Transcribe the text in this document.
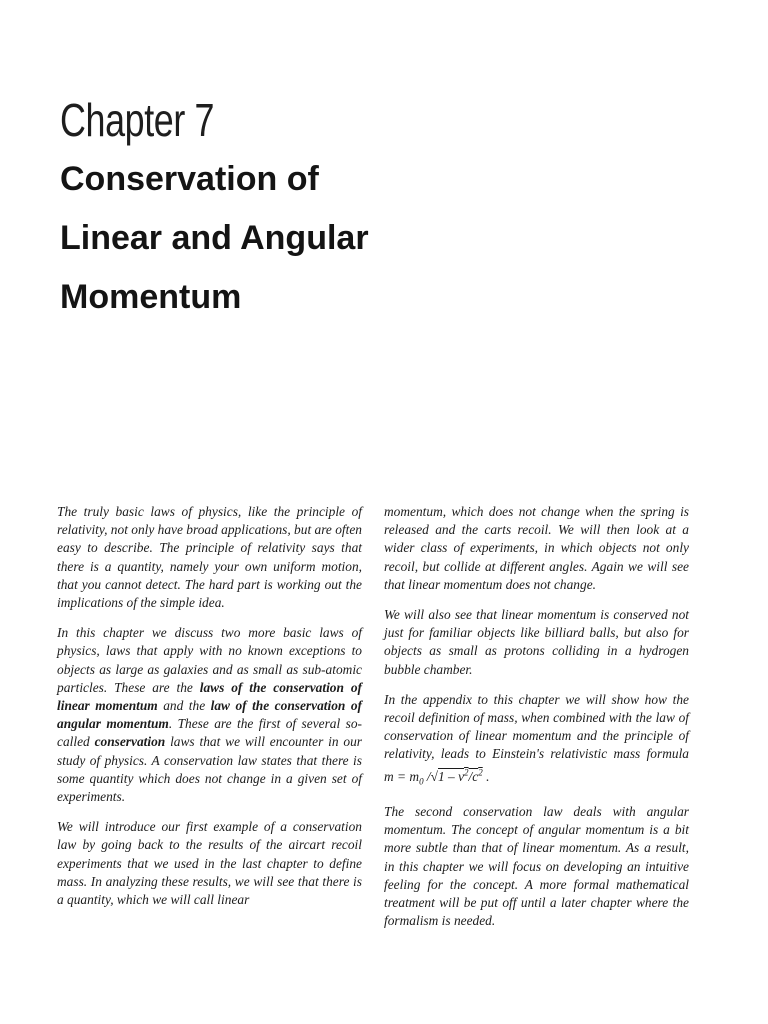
Chapter 7
Conservation of
Linear and Angular
Momentum

The truly basic laws of physics, like the principle of relativity, not only have broad applications, but are often easy to describe. The principle of relativity says that there is a quantity, namely your own uniform motion, that you cannot detect. The hard part is working out the implications of the simple idea.

In this chapter we discuss two more basic laws of physics, laws that apply with no known exceptions to objects as large as galaxies and as small as sub-atomic particles. These are the laws of the conservation of linear momentum and the law of the conservation of angular momentum. These are the first of several so-called conservation laws that we will encounter in our study of physics. A conservation law states that there is some quantity which does not change in a given set of experiments.

We will introduce our first example of a conservation law by going back to the results of the aircart recoil experiments that we used in the last chapter to define mass. In analyzing these results, we will see that there is a quantity, which we will call linear

momentum, which does not change when the spring is released and the carts recoil. We will then look at a wider class of experiments, in which objects not only recoil, but collide at different angles. Again we will see that linear momentum does not change.

We will also see that linear momentum is conserved not just for familiar objects like billiard balls, but also for objects as small as protons colliding in a hydrogen bubble chamber.

In the appendix to this chapter we will show how the recoil definition of mass, when combined with the law of conservation of linear momentum and the principle of relativity, leads to Einstein's relativistic mass formula $m = m_0$ $/√1 - v^2/c^2$ .

The second conservation law deals with angular momentum. The concept of angular momentum is a bit more subtle than that of linear momentum. As a result, in this chapter we will focus on developing an intuitive feeling for the concept. A more formal mathematical treatment will be put off until a later chapter where the formalism is needed.
